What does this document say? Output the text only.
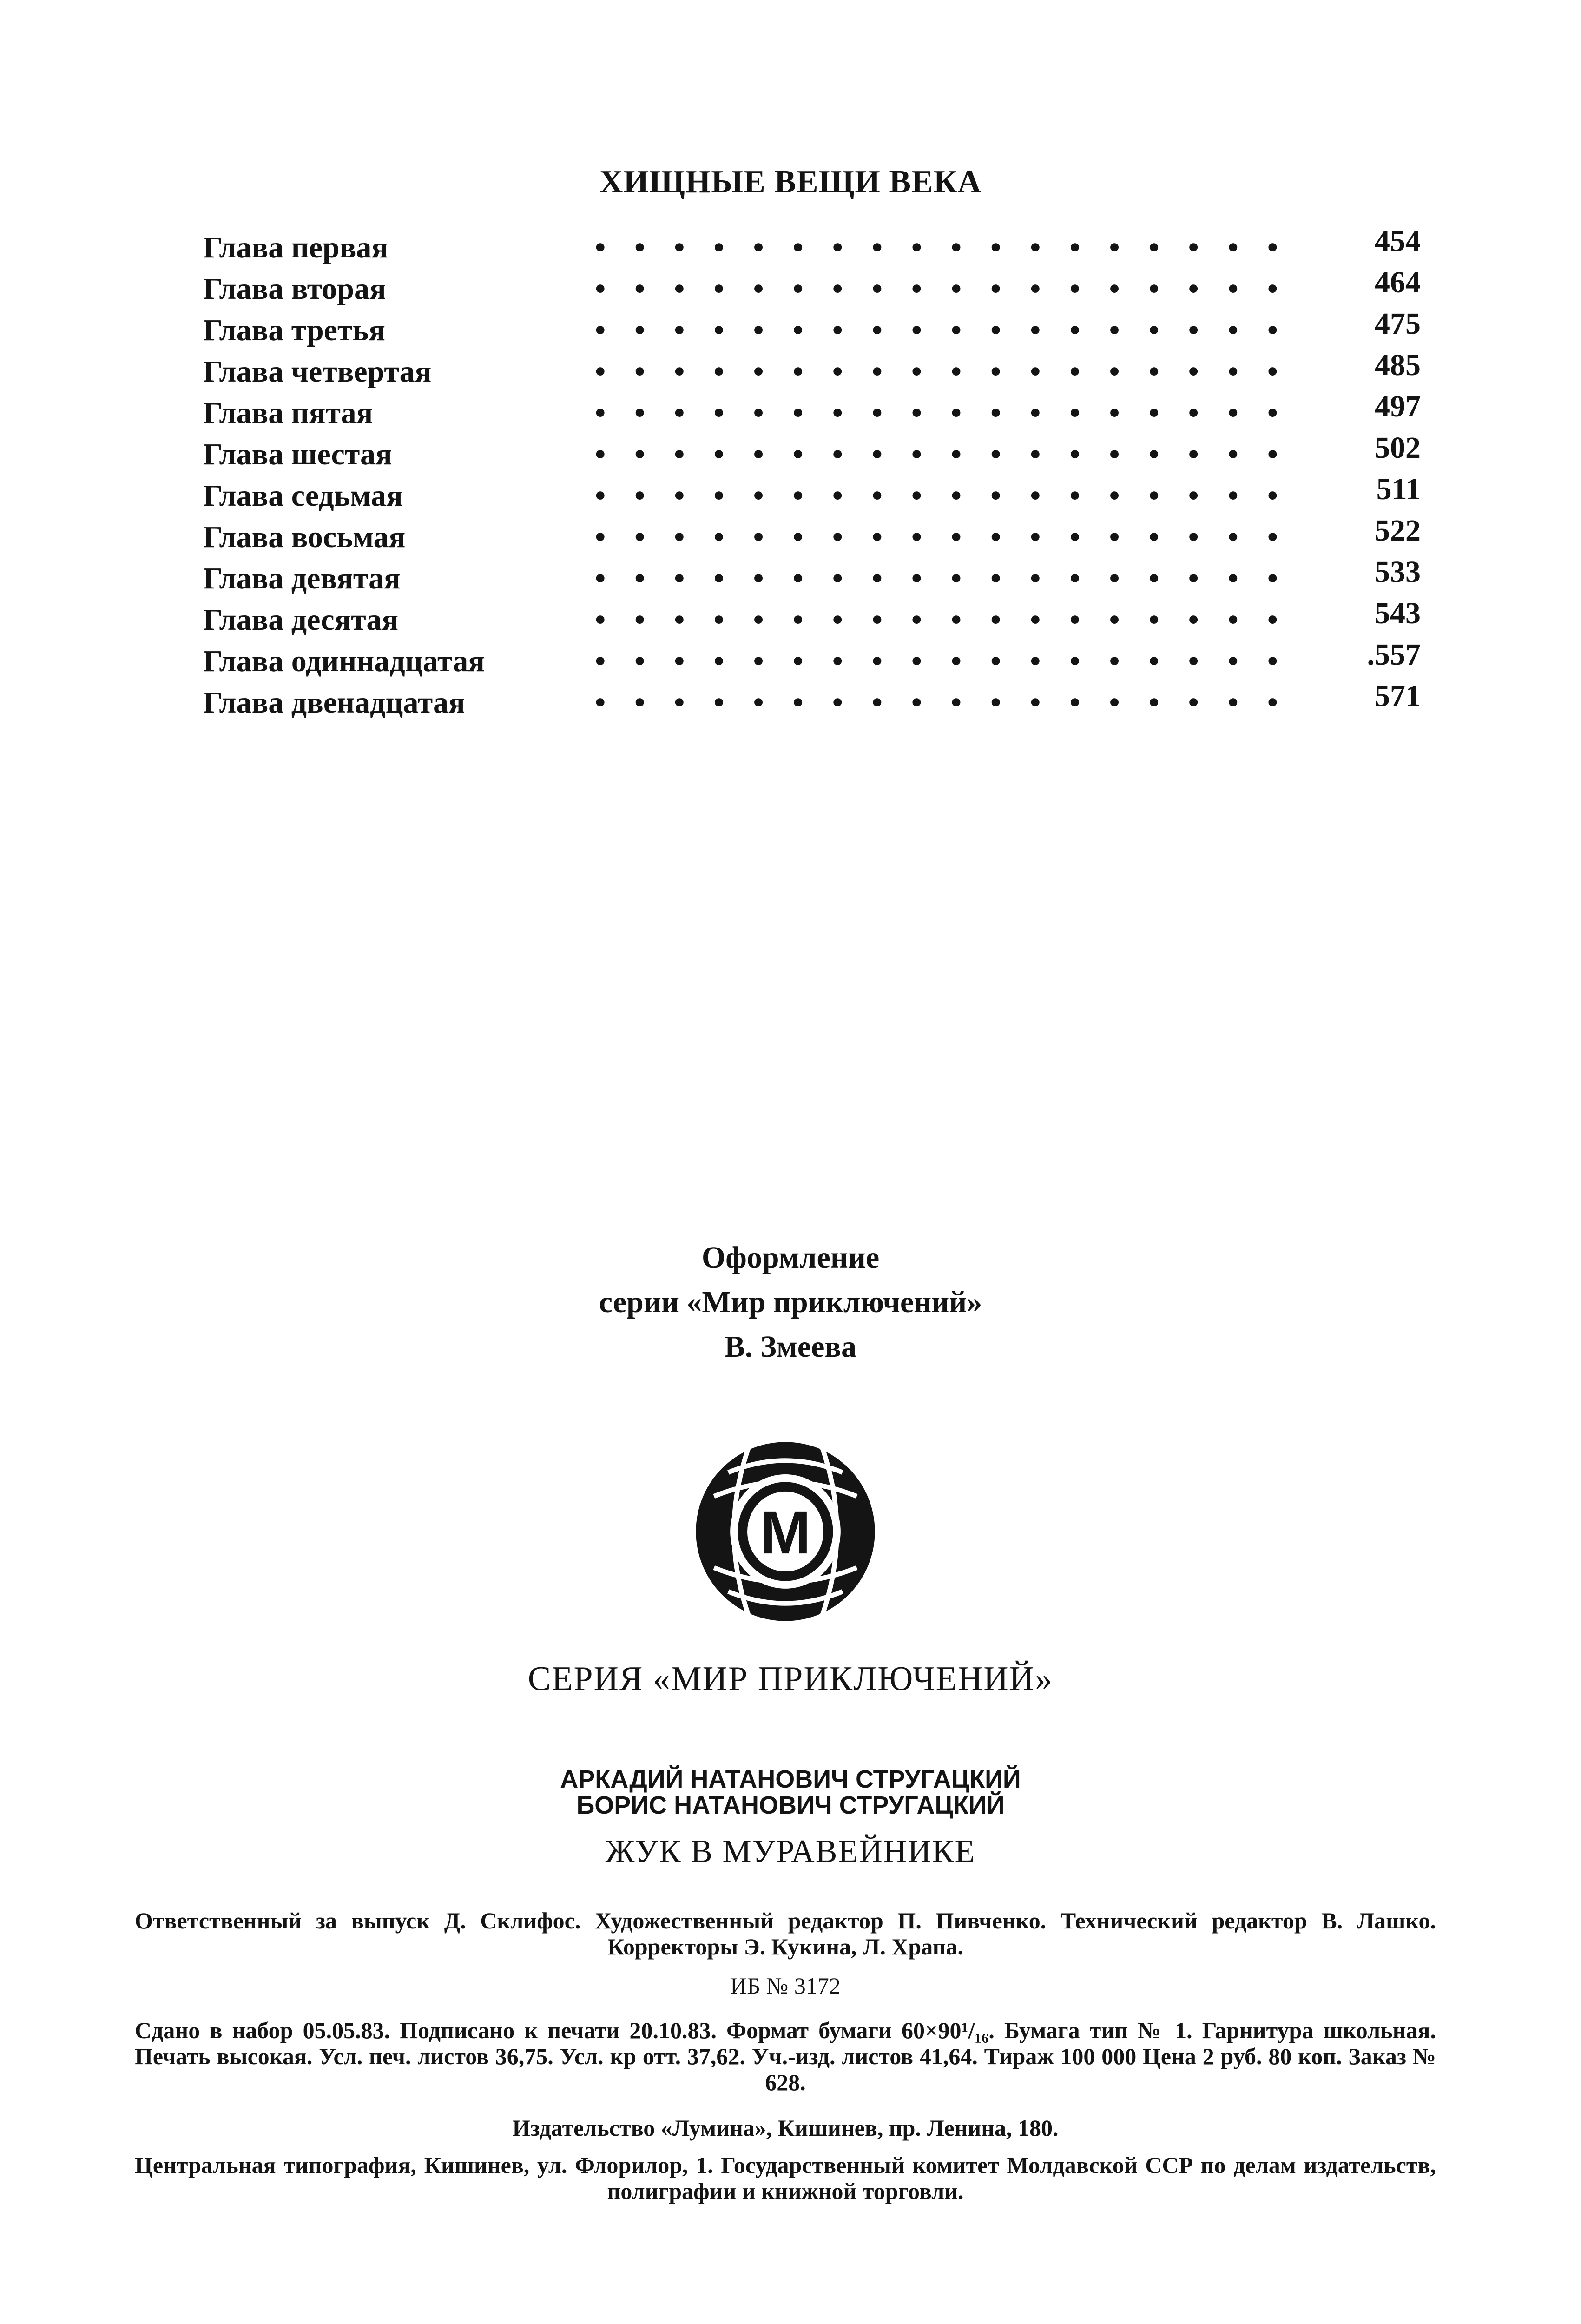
ХИЩНЫЕ ВЕЩИ ВЕКА
Глава первая	•••••••••••••••••• 454
Глава вторая	•••••••••••••••••• 464
Глава третья	•••••••••••••••••• 475
Глава четвертая	•••••••••••••••••• 485
Глава пятая	•••••••••••••••••• 497
Глава шестая	•••••••••••••••••• 502
Глава седьмая	•••••••••••••••••• 511
Глава восьмая	•••••••••••••••••• 522
Глава девятая	•••••••••••••••••• 533
Глава десятая	•••••••••••••••••• 543
Глава одиннадцатая	•••••••••••••••••• .557
Глава двенадцатая	•••••••••••••••••• 571
Оформление
серии «Мир приключений»
В. Змеева
М
СЕРИЯ «МИР ПРИКЛЮЧЕНИЙ»
АРКАДИЙ НАТАНОВИЧ СТРУГАЦКИЙ
БОРИС НАТАНОВИЧ СТРУГАЦКИЙ
ЖУК В МУРАВЕЙНИКЕ
Ответственный за выпуск Д. Склифос. Художественный редактор П. Пивченко. Технический редактор В. Лашко. Корректоры Э. Кукина, Л. Храпа.
ИБ № 3172
Сдано в набор 05.05.83. Подписано к печати 20.10.83. Формат бумаги 60×90¹/₁₆. Бумага тип № 1. Гарнитура школьная. Печать высокая. Усл. печ. листов 36,75. Усл. кр отт. 37,62. Уч.-изд. листов 41,64. Тираж 100 000 Цена 2 руб. 80 коп. Заказ № 628.
Издательство «Лумина», Кишинев, пр. Ленина, 180.
Центральная типография, Кишинев, ул. Флорилор, 1. Государственный комитет Молдавской ССР по делам издательств, полиграфии и книжной торговли.
